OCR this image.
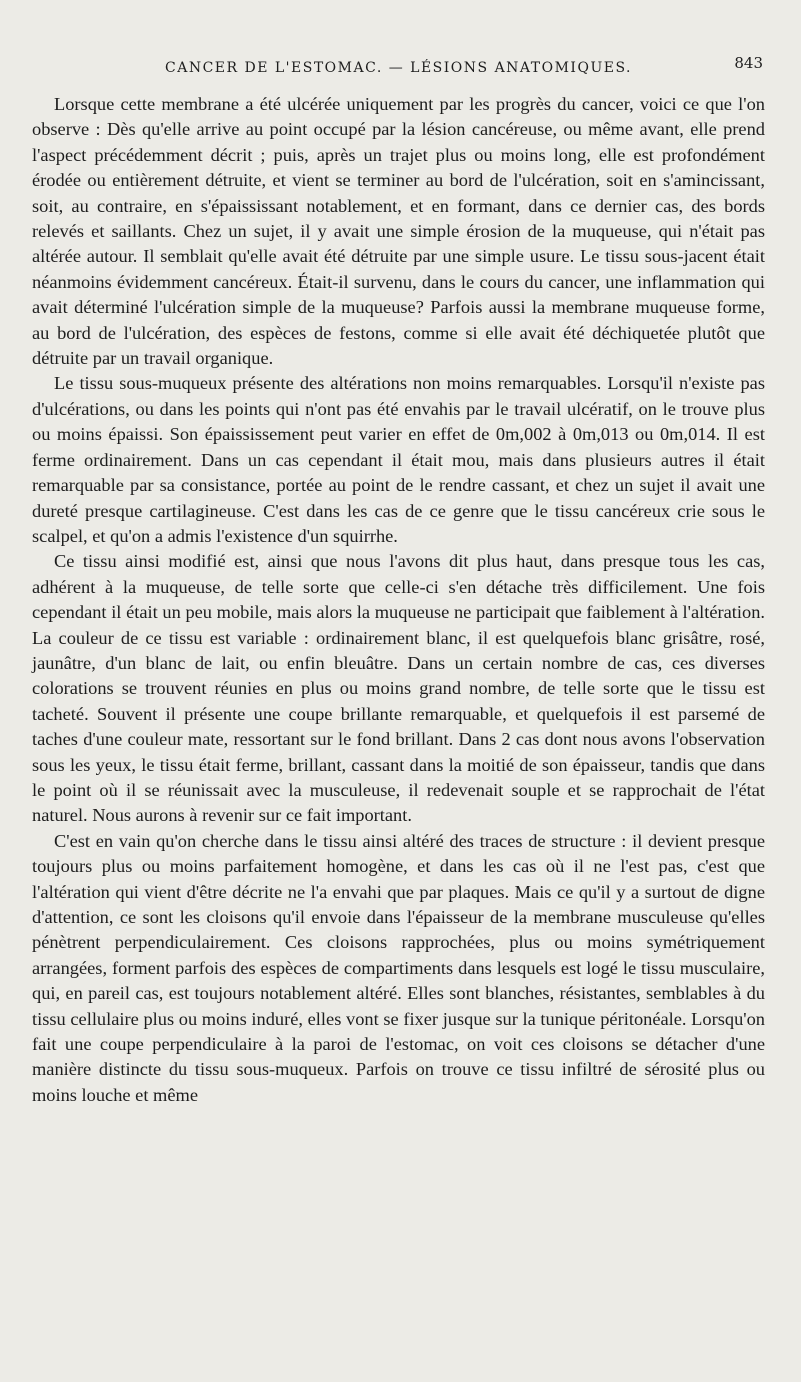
CANCER DE L'ESTOMAC. — LÉSIONS ANATOMIQUES.	843

Lorsque cette membrane a été ulcérée uniquement par les progrès du cancer, voici ce que l'on observe : Dès qu'elle arrive au point occupé par la lésion cancéreuse, ou même avant, elle prend l'aspect précédemment décrit ; puis, après un trajet plus ou moins long, elle est profondément érodée ou entièrement détruite, et vient se terminer au bord de l'ulcération, soit en s'amincissant, soit, au contraire, en s'épaississant notablement, et en formant, dans ce dernier cas, des bords relevés et saillants. Chez un sujet, il y avait une simple érosion de la muqueuse, qui n'était pas altérée autour. Il semblait qu'elle avait été détruite par une simple usure. Le tissu sous-jacent était néanmoins évidemment cancéreux. Était-il survenu, dans le cours du cancer, une inflammation qui avait déterminé l'ulcération simple de la muqueuse? Parfois aussi la membrane muqueuse forme, au bord de l'ulcération, des espèces de festons, comme si elle avait été déchiquetée plutôt que détruite par un travail organique.

Le tissu sous-muqueux présente des altérations non moins remarquables. Lorsqu'il n'existe pas d'ulcérations, ou dans les points qui n'ont pas été envahis par le travail ulcératif, on le trouve plus ou moins épaissi. Son épaississement peut varier en effet de 0m,002 à 0m,013 ou 0m,014. Il est ferme ordinairement. Dans un cas cependant il était mou, mais dans plusieurs autres il était remarquable par sa consistance, portée au point de le rendre cassant, et chez un sujet il avait une dureté presque cartilagineuse. C'est dans les cas de ce genre que le tissu cancéreux crie sous le scalpel, et qu'on a admis l'existence d'un squirrhe.

Ce tissu ainsi modifié est, ainsi que nous l'avons dit plus haut, dans presque tous les cas, adhérent à la muqueuse, de telle sorte que celle-ci s'en détache très difficilement. Une fois cependant il était un peu mobile, mais alors la muqueuse ne participait que faiblement à l'altération. La couleur de ce tissu est variable : ordinairement blanc, il est quelquefois blanc grisâtre, rosé, jaunâtre, d'un blanc de lait, ou enfin bleuâtre. Dans un certain nombre de cas, ces diverses colorations se trouvent réunies en plus ou moins grand nombre, de telle sorte que le tissu est tacheté. Souvent il présente une coupe brillante remarquable, et quelquefois il est parsemé de taches d'une couleur mate, ressortant sur le fond brillant. Dans 2 cas dont nous avons l'observation sous les yeux, le tissu était ferme, brillant, cassant dans la moitié de son épaisseur, tandis que dans le point où il se réunissait avec la musculeuse, il redevenait souple et se rapprochait de l'état naturel. Nous aurons à revenir sur ce fait important.

C'est en vain qu'on cherche dans le tissu ainsi altéré des traces de structure : il devient presque toujours plus ou moins parfaitement homogène, et dans les cas où il ne l'est pas, c'est que l'altération qui vient d'être décrite ne l'a envahi que par plaques. Mais ce qu'il y a surtout de digne d'attention, ce sont les cloisons qu'il envoie dans l'épaisseur de la membrane musculeuse qu'elles pénètrent perpendiculairement. Ces cloisons rapprochées, plus ou moins symétriquement arrangées, forment parfois des espèces de compartiments dans lesquels est logé le tissu musculaire, qui, en pareil cas, est toujours notablement altéré. Elles sont blanches, résistantes, semblables à du tissu cellulaire plus ou moins induré, elles vont se fixer jusque sur la tunique péritonéale. Lorsqu'on fait une coupe perpendiculaire à la paroi de l'estomac, on voit ces cloisons se détacher d'une manière distincte du tissu sous-muqueux. Parfois on trouve ce tissu infiltré de sérosité plus ou moins louche et même
